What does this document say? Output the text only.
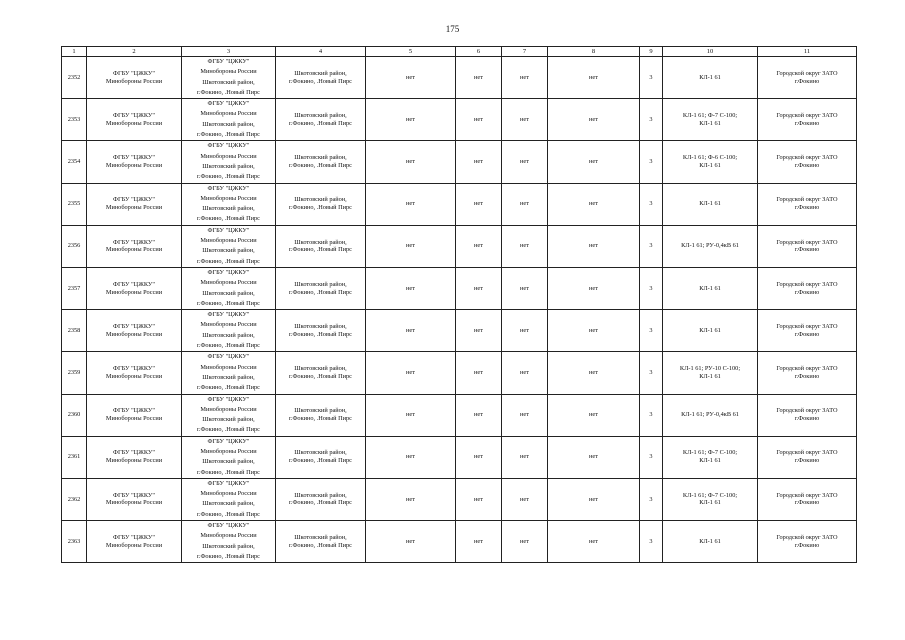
175
1	2	3	4	5	6	7	8	9	10	11
2352	ФГБУ "ЦЖКУ"
Минобороны России	ФГБУ "ЦЖКУ"
Минобороны России
Шкотовский район,
г.Фокино, .Новый Пирс	Шкотовский район,
г.Фокино, .Новый Пирс	нет	нет	нет	нет	3	КЛ-1 61	Городской округ ЗАТО
г.Фокино

2353	ФГБУ "ЦЖКУ"
Минобороны России	ФГБУ "ЦЖКУ"
Минобороны России
Шкотовский район,
г.Фокино, .Новый Пирс	Шкотовский район,
г.Фокино, .Новый Пирс	нет	нет	нет	нет	3	КЛ-1 61; Ф-7 С-100;
КЛ-1 61	Городской округ ЗАТО
г.Фокино

2354	ФГБУ "ЦЖКУ"
Минобороны России	ФГБУ "ЦЖКУ"
Минобороны России
Шкотовский район,
г.Фокино, .Новый Пирс	Шкотовский район,
г.Фокино, .Новый Пирс	нет	нет	нет	нет	3	КЛ-1 61; Ф-6 С-100;
КЛ-1 61	Городской округ ЗАТО
г.Фокино

2355	ФГБУ "ЦЖКУ"
Минобороны России	ФГБУ "ЦЖКУ"
Минобороны России
Шкотовский район,
г.Фокино, .Новый Пирс	Шкотовский район,
г.Фокино, .Новый Пирс	нет	нет	нет	нет	3	КЛ-1 61	Городской округ ЗАТО
г.Фокино

2356	ФГБУ "ЦЖКУ"
Минобороны России	ФГБУ "ЦЖКУ"
Минобороны России
Шкотовский район,
г.Фокино, .Новый Пирс	Шкотовский район,
г.Фокино, .Новый Пирс	нет	нет	нет	нет	3	КЛ-1 61; РУ-0,4кВ 61	Городской округ ЗАТО
г.Фокино

2357	ФГБУ "ЦЖКУ"
Минобороны России	ФГБУ "ЦЖКУ"
Минобороны России
Шкотовский район,
г.Фокино, .Новый Пирс	Шкотовский район,
г.Фокино, .Новый Пирс	нет	нет	нет	нет	3	КЛ-1 61	Городской округ ЗАТО
г.Фокино

2358	ФГБУ "ЦЖКУ"
Минобороны России	ФГБУ "ЦЖКУ"
Минобороны России
Шкотовский район,
г.Фокино, .Новый Пирс	Шкотовский район,
г.Фокино, .Новый Пирс	нет	нет	нет	нет	3	КЛ-1 61	Городской округ ЗАТО
г.Фокино

2359	ФГБУ "ЦЖКУ"
Минобороны России	ФГБУ "ЦЖКУ"
Минобороны России
Шкотовский район,
г.Фокино, .Новый Пирс	Шкотовский район,
г.Фокино, .Новый Пирс	нет	нет	нет	нет	3	КЛ-1 61; РУ-10 С-100;
КЛ-1 61	Городской округ ЗАТО
г.Фокино

2360	ФГБУ "ЦЖКУ"
Минобороны России	ФГБУ "ЦЖКУ"
Минобороны России
Шкотовский район,
г.Фокино, .Новый Пирс	Шкотовский район,
г.Фокино, .Новый Пирс	нет	нет	нет	нет	3	КЛ-1 61; РУ-0,4кВ 61	Городской округ ЗАТО
г.Фокино

2361	ФГБУ "ЦЖКУ"
Минобороны России	ФГБУ "ЦЖКУ"
Минобороны России
Шкотовский район,
г.Фокино, .Новый Пирс	Шкотовский район,
г.Фокино, .Новый Пирс	нет	нет	нет	нет	3	КЛ-1 61; Ф-7 С-100;
КЛ-1 61	Городской округ ЗАТО
г.Фокино

2362	ФГБУ "ЦЖКУ"
Минобороны России	ФГБУ "ЦЖКУ"
Минобороны России
Шкотовский район,
г.Фокино, .Новый Пирс	Шкотовский район,
г.Фокино, .Новый Пирс	нет	нет	нет	нет	3	КЛ-1 61; Ф-7 С-100;
КЛ-1 61	Городской округ ЗАТО
г.Фокино

2363	ФГБУ "ЦЖКУ"
Минобороны России	ФГБУ "ЦЖКУ"
Минобороны России
Шкотовский район,
г.Фокино, .Новый Пирс	Шкотовский район,
г.Фокино, .Новый Пирс	нет	нет	нет	нет	3	КЛ-1 61	Городской округ ЗАТО
г.Фокино
